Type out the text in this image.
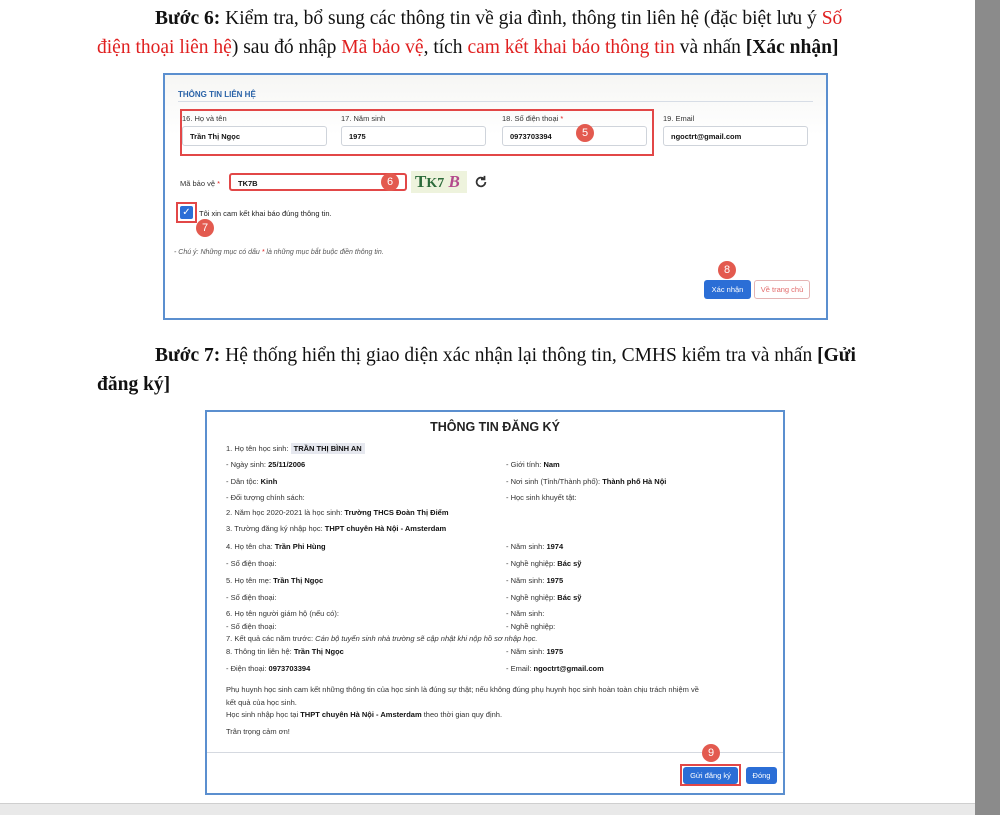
Bước 6: Kiểm tra, bổ sung các thông tin về gia đình, thông tin liên hệ (đặc biệt lưu ý Số
điện thoại liên hệ) sau đó nhập Mã bảo vệ, tích cam kết khai báo thông tin và nhấn [Xác nhận]
THÔNG TIN LIÊN HỆ
16. Họ và tên
Trần Thị Ngọc
17. Năm sinh
1975
18. Số điện thoại *
0973703394
19. Email
ngoctrt@gmail.com
5
Mã bảo vệ *	TK7B	6	TK7 B
✓	Tôi xin cam kết khai báo đúng thông tin.
7
- Chú ý: Những mục có dấu * là những mục bắt buộc điền thông tin.
8
Xác nhận	Về trang chủ
Bước 7: Hệ thống hiển thị giao diện xác nhận lại thông tin, CMHS kiểm tra và nhấn [Gửi
đăng ký]
THÔNG TIN ĐĂNG KÝ
1. Họ tên học sinh: TRẦN THỊ BÌNH AN
- Ngày sinh: 25/11/2006	- Giới tính: Nam
- Dân tộc: Kinh	- Nơi sinh (Tỉnh/Thành phố): Thành phố Hà Nội
- Đối tượng chính sách:	- Học sinh khuyết tật:
2. Năm học 2020-2021 là học sinh: Trường THCS Đoàn Thị Điểm
3. Trường đăng ký nhập học: THPT chuyên Hà Nội - Amsterdam
4. Họ tên cha: Trần Phi Hùng	- Năm sinh: 1974
- Số điện thoại:	- Nghề nghiệp: Bác sỹ
5. Họ tên mẹ: Trần Thị Ngọc	- Năm sinh: 1975
- Số điện thoại:	- Nghề nghiệp: Bác sỹ
6. Họ tên người giám hộ (nếu có):	- Năm sinh:
- Số điện thoại:	- Nghề nghiệp:
7. Kết quả các năm trước: Cán bộ tuyển sinh nhà trường sẽ cập nhật khi nộp hồ sơ nhập học.
8. Thông tin liên hệ: Trần Thị Ngọc	- Năm sinh: 1975
- Điện thoại: 0973703394	- Email: ngoctrt@gmail.com
Phụ huynh học sinh cam kết những thông tin của học sinh là đúng sự thật; nếu không đúng phụ huynh học sinh hoàn toàn chịu trách nhiệm về
kết quả của học sinh.
Học sinh nhập học tại THPT chuyên Hà Nội - Amsterdam theo thời gian quy định.
Trân trọng cảm ơn!
9
Gửi đăng ký	Đóng
